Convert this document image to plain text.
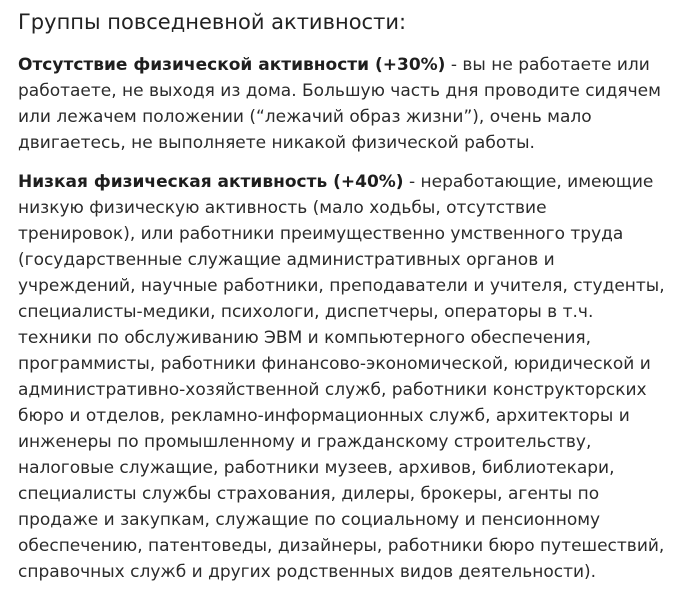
Группы повседневной активности:

Отсутствие физической активности (+30%) - вы не работаете или работаете, не выходя из дома. Большую часть дня проводите сидячем или лежачем положении (“лежачий образ жизни”), очень мало двигаетесь, не выполняете никакой физической работы.

Низкая физическая активность (+40%) - неработающие, имеющие низкую физическую активность (мало ходьбы, отсутствие тренировок), или работники преимущественно умственного труда (государственные служащие административных органов и учреждений, научные работники, преподаватели и учителя, студенты, специалисты-медики, психологи, диспетчеры, операторы в т.ч. техники по обслуживанию ЭВМ и компьютерного обеспечения, программисты, работники финансово-экономической, юридической и административно-хозяйственной служб, работники конструкторских бюро и отделов, рекламно-информационных служб, архитекторы и инженеры по промышленному и гражданскому строительству, налоговые служащие, работники музеев, архивов, библиотекари, специалисты службы страхования, дилеры, брокеры, агенты по продаже и закупкам, служащие по социальному и пенсионному обеспечению, патентоведы, дизайнеры, работники бюро путешествий, справочных служб и других родственных видов деятельности).
